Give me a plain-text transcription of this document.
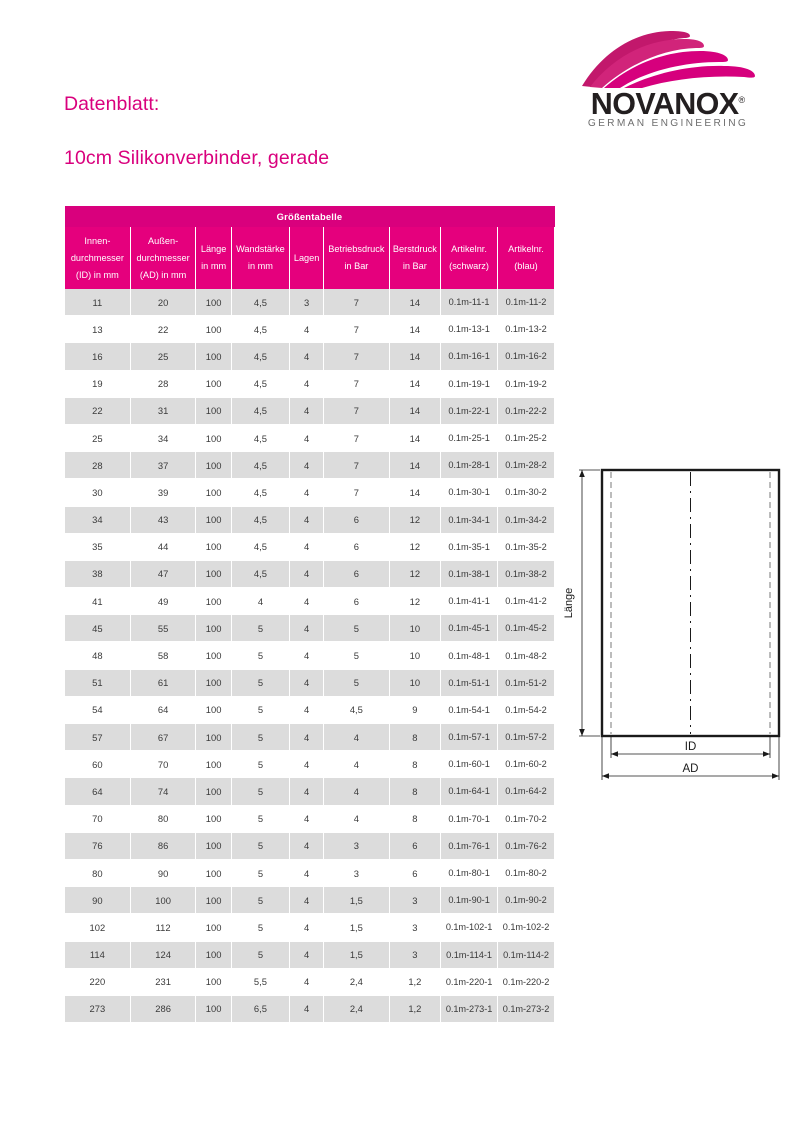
Datenblatt:

10cm Silikonverbinder, gerade

NOVANOX®
GERMAN ENGINEERING
Größentabelle								

Innen-
durchmesser
(ID) in mm	Außen-
durchmesser
(AD) in mm	Länge
in mm	Wandstärke
in mm	Lagen	Betriebsdruck
in Bar	Berstdruck
in Bar	Artikelnr.
(schwarz)	Artikelnr.
(blau)

11	20	100	4,5	3	7	14	0.1m-11-1	0.1m-11-2
13	22	100	4,5	4	7	14	0.1m-13-1	0.1m-13-2
16	25	100	4,5	4	7	14	0.1m-16-1	0.1m-16-2
19	28	100	4,5	4	7	14	0.1m-19-1	0.1m-19-2
22	31	100	4,5	4	7	14	0.1m-22-1	0.1m-22-2
25	34	100	4,5	4	7	14	0.1m-25-1	0.1m-25-2
28	37	100	4,5	4	7	14	0.1m-28-1	0.1m-28-2
30	39	100	4,5	4	7	14	0.1m-30-1	0.1m-30-2
34	43	100	4,5	4	6	12	0.1m-34-1	0.1m-34-2
35	44	100	4,5	4	6	12	0.1m-35-1	0.1m-35-2
38	47	100	4,5	4	6	12	0.1m-38-1	0.1m-38-2
41	49	100	4	4	6	12	0.1m-41-1	0.1m-41-2
45	55	100	5	4	5	10	0.1m-45-1	0.1m-45-2
48	58	100	5	4	5	10	0.1m-48-1	0.1m-48-2
51	61	100	5	4	5	10	0.1m-51-1	0.1m-51-2
54	64	100	5	4	4,5	9	0.1m-54-1	0.1m-54-2
57	67	100	5	4	4	8	0.1m-57-1	0.1m-57-2
60	70	100	5	4	4	8	0.1m-60-1	0.1m-60-2
64	74	100	5	4	4	8	0.1m-64-1	0.1m-64-2
70	80	100	5	4	4	8	0.1m-70-1	0.1m-70-2
76	86	100	5	4	3	6	0.1m-76-1	0.1m-76-2
80	90	100	5	4	3	6	0.1m-80-1	0.1m-80-2
90	100	100	5	4	1,5	3	0.1m-90-1	0.1m-90-2
102	112	100	5	4	1,5	3	0.1m-102-1	0.1m-102-2
114	124	100	5	4	1,5	3	0.1m-114-1	0.1m-114-2
220	231	100	5,5	4	2,4	1,2	0.1m-220-1	0.1m-220-2
273	286	100	6,5	4	2,4	1,2	0.1m-273-1	0.1m-273-2
Länge
ID
AD
